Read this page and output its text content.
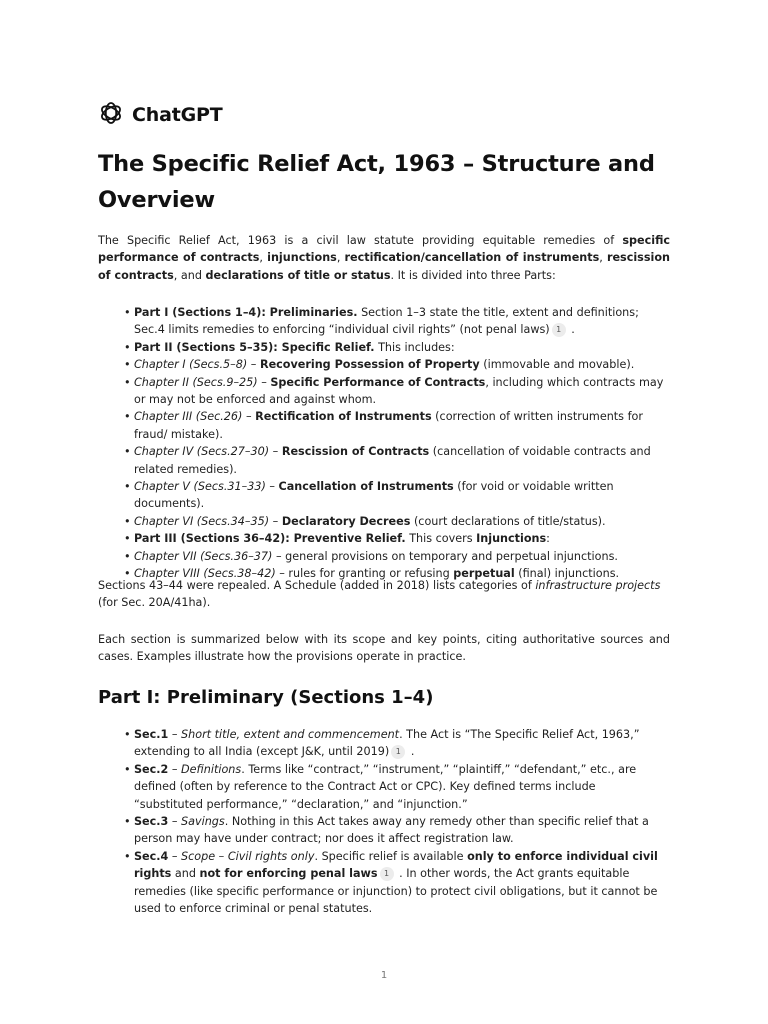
ChatGPT
The Specific Relief Act, 1963 – Structure and Overview

The Specific Relief Act, 1963 is a civil law statute providing equitable remedies of specific performance of contracts, injunctions, rectification/cancellation of instruments, rescission of contracts, and declarations of title or status. It is divided into three Parts:

• Part I (Sections 1–4): Preliminaries. Section 1–3 state the title, extent and definitions; Sec.4 limits remedies to enforcing “individual civil rights” (not penal laws) 1 .
• Part II (Sections 5–35): Specific Relief. This includes:
• Chapter I (Secs.5–8) – Recovering Possession of Property (immovable and movable).
• Chapter II (Secs.9–25) – Specific Performance of Contracts, including which contracts may or may not be enforced and against whom.
• Chapter III (Sec.26) – Rectification of Instruments (correction of written instruments for fraud/ mistake).
• Chapter IV (Secs.27–30) – Rescission of Contracts (cancellation of voidable contracts and related remedies).
• Chapter V (Secs.31–33) – Cancellation of Instruments (for void or voidable written documents).
• Chapter VI (Secs.34–35) – Declaratory Decrees (court declarations of title/status).
• Part III (Sections 36–42): Preventive Relief. This covers Injunctions:
• Chapter VII (Secs.36–37) – general provisions on temporary and perpetual injunctions.
• Chapter VIII (Secs.38–42) – rules for granting or refusing perpetual (final) injunctions.

Sections 43–44 were repealed. A Schedule (added in 2018) lists categories of infrastructure projects (for Sec. 20A/41ha).

Each section is summarized below with its scope and key points, citing authoritative sources and cases. Examples illustrate how the provisions operate in practice.

Part I: Preliminary (Sections 1–4)
• Sec.1 – Short title, extent and commencement. The Act is “The Specific Relief Act, 1963,” extending to all India (except J&K, until 2019) 1 .
• Sec.2 – Definitions. Terms like “contract,” “instrument,” “plaintiff,” “defendant,” etc., are defined (often by reference to the Contract Act or CPC). Key defined terms include “substituted performance,” “declaration,” and “injunction.”
• Sec.3 – Savings. Nothing in this Act takes away any remedy other than specific relief that a person may have under contract; nor does it affect registration law.
• Sec.4 – Scope – Civil rights only. Specific relief is available only to enforce individual civil rights and not for enforcing penal laws 1 . In other words, the Act grants equitable remedies (like specific performance or injunction) to protect civil obligations, but it cannot be used to enforce criminal or penal statutes.
1
